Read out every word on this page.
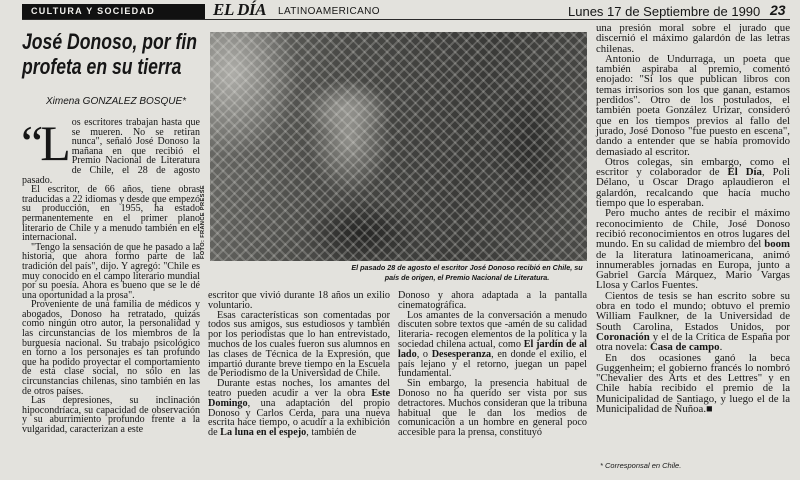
CULTURA Y SOCIEDAD	EL DÍA LATINOAMERICANO	Lunes 17 de Septiembre de 1990 23
José Donoso, por fin profeta en su tierra
Ximena GONZALEZ BOSQUE*
“L os escritores trabajan hasta que se mueren. No se retiran nunca", señaló José Donoso la mañana en que recibió el Premio Nacional de Literatura de Chile, el 28 de agosto pasado.

El escritor, de 66 años, tiene obras traducidas a 22 idiomas y desde que empezó su producción, en 1955, ha estado permanentemente en el primer plano literario de Chile y a menudo también en el internacional.

"Tengo la sensación de que he pasado a la historia, que ahora formo parte de la tradición del país", dijo. Y agregó: "Chile es muy conocido en el campo literario mundial por su poesía. Ahora es bueno que se le dé una oportunidad a la prosa".

Proveniente de una familia de médicos y abogados, Donoso ha retratado, quizás como ningún otro autor, la personalidad y las circunstancias de los miembros de la burguesía nacional. Su trabajo psicológico en torno a los personajes es tan profundo que ha podido proyectar el comportamiento de esta clase social, no sólo en las circunstancias chilenas, sino también en las de otros países.

Las depresiones, su inclinación hipocondríaca, su capacidad de observación y su aburrimiento profundo frente a la vulgaridad, caracterizan a este

FOTO: FRANCE PRESSE
El pasado 28 de agosto el escritor José Donoso recibió en Chile, su país de origen, el Premio Nacional de Literatura.

escritor que vivió durante 18 años un exilio voluntario.

Esas características son comentadas por todos sus amigos, sus estudiosos y también por los periodistas que lo han entrevistado, muchos de los cuales fueron sus alumnos en las clases de Técnica de la Expresión, que impartió durante breve tiempo en la Escuela de Periodismo de la Universidad de Chile.

Durante estas noches, los amantes del teatro pueden acudir a ver la obra Este Domingo, una adaptación del propio Donoso y Carlos Cerda, para una nueva escrita hace tiempo, o acudir a la exhibición de La luna en el espejo, también de

Donoso y ahora adaptada a la pantalla cinematográfica.

Los amantes de la conversación a menudo discuten sobre textos que -amén de su calidad literaria- recogen elementos de la política y la sociedad chilena actual, como El jardín de al lado, o Desesperanza, en donde el exilio, el país lejano y el retorno, juegan un papel fundamental.

Sin embargo, la presencia habitual de Donoso no ha querido ser vista por sus detractores. Muchos consideran que la tribuna habitual que le dan los medios de comunicación a un hombre en general poco accesible para la prensa, constituyó

una presión moral sobre el jurado que discernió el máximo galardón de las letras chilenas.

Antonio de Undurraga, un poeta que también aspiraba al premio, comentó enojado: "Si los que publican libros con temas irrisorios son los que ganan, estamos perdidos". Otro de los postulados, el también poeta González Urízar, consideró que en los tiempos previos al fallo del jurado, José Donoso "fue puesto en escena", dando a entender que se había promovido demasiado al escritor.

Otros colegas, sin embargo, como el escritor y colaborador de El Día, Poli Délano, u Oscar Drago aplaudieron el galardón, recalcando que hacía mucho tiempo que lo esperaban.

Pero mucho antes de recibir el máximo reconocimiento de Chile, José Donoso recibió reconocimientos en otros lugares del mundo. En su calidad de miembro del boom de la literatura latinoamericana, animó innumerables jornadas en Europa, junto a Gabriel García Márquez, Mario Vargas Llosa y Carlos Fuentes.

Cientos de tesis se han escrito sobre su obra en todo el mundo; obtuvo el premio William Faulkner, de la Universidad de South Carolina, Estados Unidos, por Coronación y el de la Crítica de España por otra novela: Casa de campo.

En dos ocasiones ganó la beca Guggenheim; el gobierno francés lo nombró "Chevalier des Arts et des Lettres" y en Chile había recibido el premio de la Municipalidad de Santiago, y luego el de la Municipalidad de Ñuñoa.■

* Corresponsal en Chile.
